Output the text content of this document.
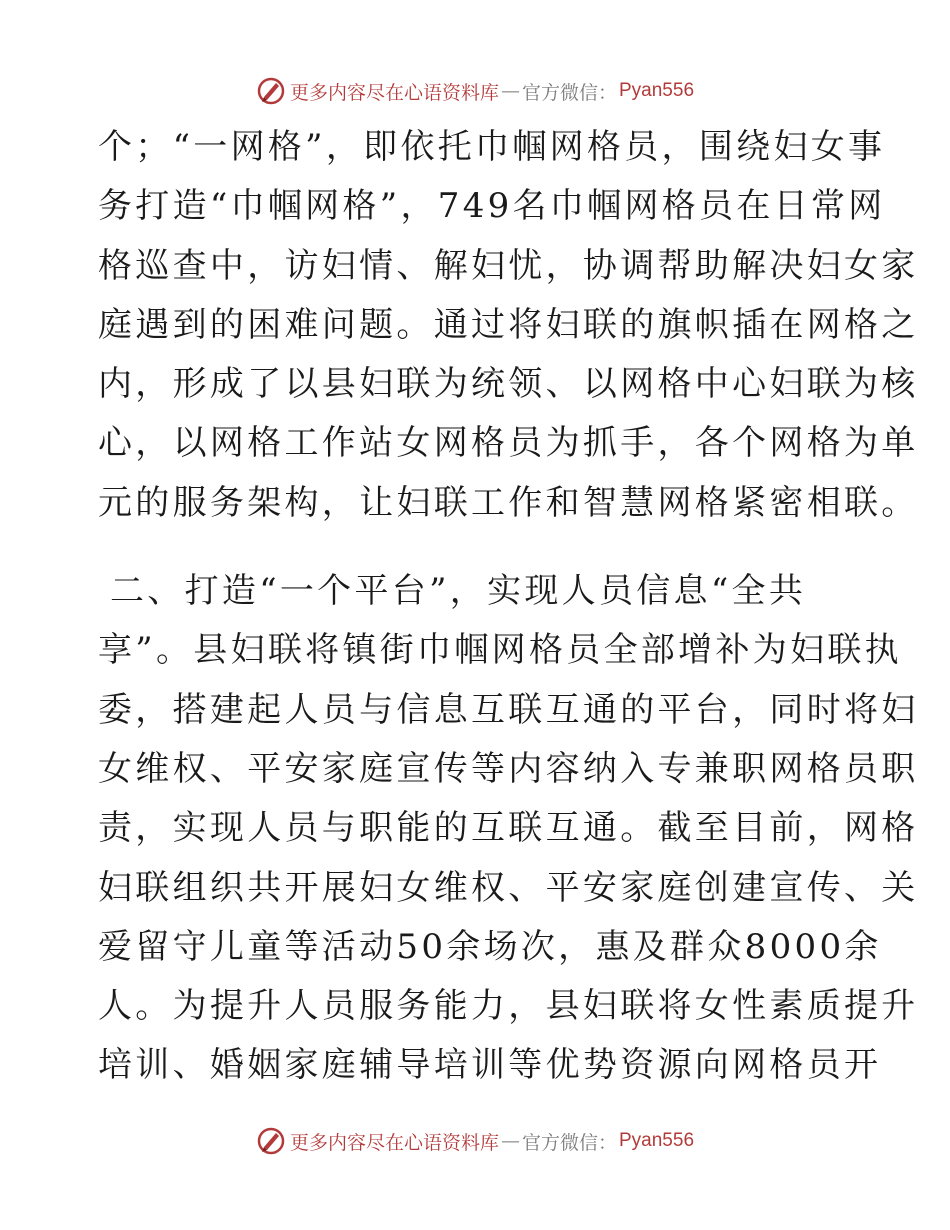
更多内容尽在心语资料库 — 官方微信： Pyan556
个；“一网格”，即依托巾帼网格员，围绕妇女事
务打造“巾帼网格”，749名巾帼网格员在日常网
格巡查中，访妇情、解妇忧，协调帮助解决妇女家
庭遇到的困难问题。通过将妇联的旗帜插在网格之
内，形成了以县妇联为统领、以网格中心妇联为核
心，以网格工作站女网格员为抓手，各个网格为单
元的服务架构，让妇联工作和智慧网格紧密相联。
二、打造“一个平台”，实现人员信息“全共
享”。县妇联将镇街巾帼网格员全部增补为妇联执
委，搭建起人员与信息互联互通的平台，同时将妇
女维权、平安家庭宣传等内容纳入专兼职网格员职
责，实现人员与职能的互联互通。截至目前，网格
妇联组织共开展妇女维权、平安家庭创建宣传、关
爱留守儿童等活动50余场次，惠及群众8000余
人。为提升人员服务能力，县妇联将女性素质提升
培训、婚姻家庭辅导培训等优势资源向网格员开
更多内容尽在心语资料库 — 官方微信： Pyan556
